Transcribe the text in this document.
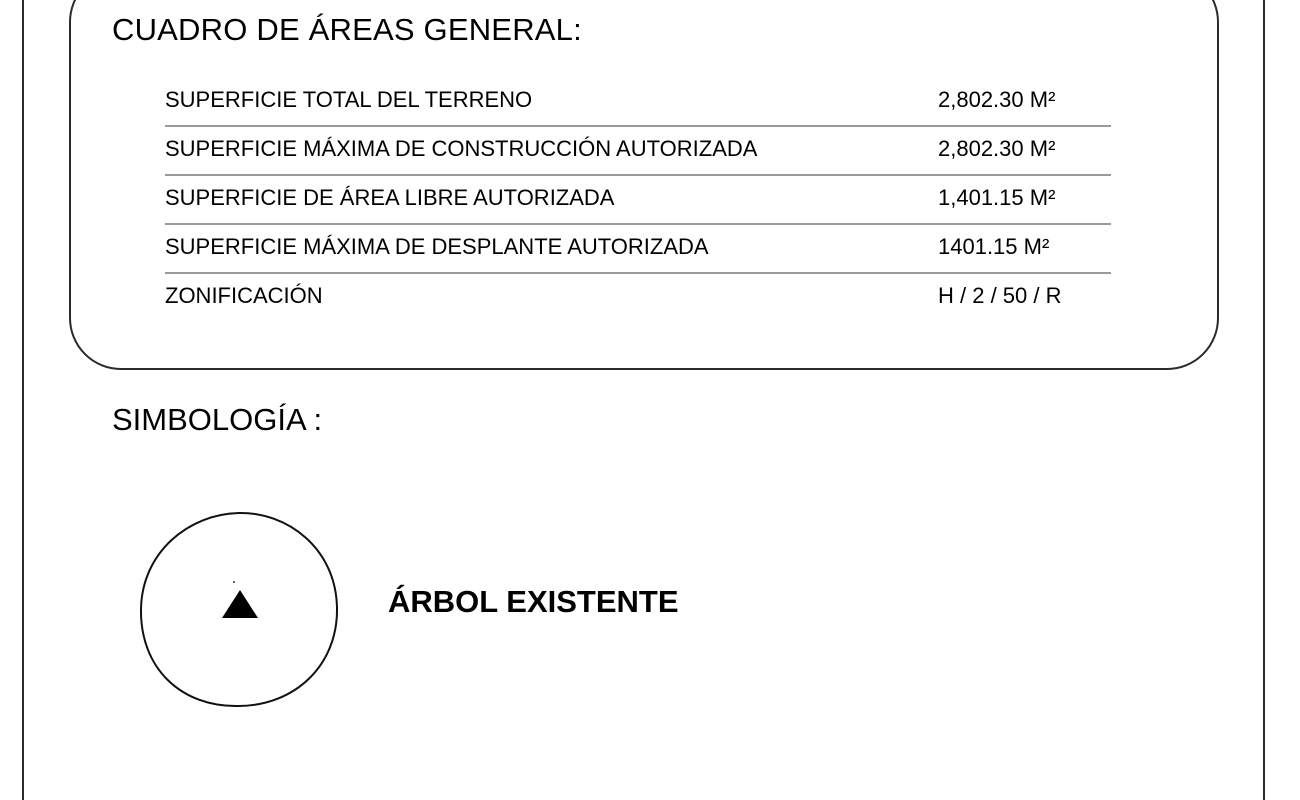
CUADRO DE ÁREAS GENERAL:
SUPERFICIE TOTAL DEL TERRENO	2,802.30 M²
SUPERFICIE MÁXIMA DE CONSTRUCCIÓN AUTORIZADA	2,802.30 M²
SUPERFICIE DE ÁREA LIBRE AUTORIZADA	1,401.15 M²
SUPERFICIE MÁXIMA DE DESPLANTE AUTORIZADA	1401.15 M²
ZONIFICACIÓN	H / 2 / 50 / R
SIMBOLOGÍA :
ÁRBOL EXISTENTE
